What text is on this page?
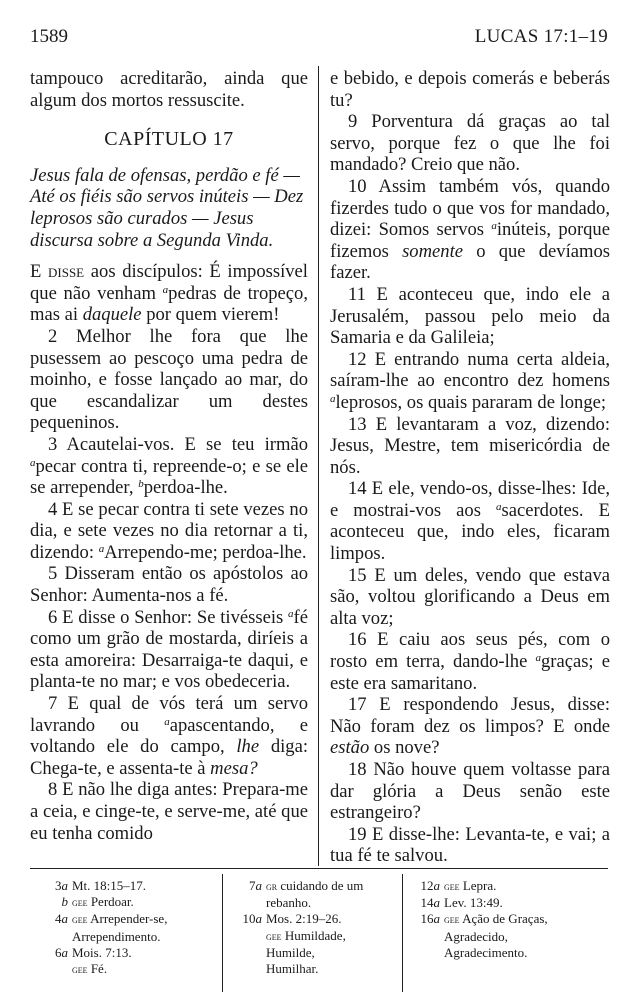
1589	LUCAS 17:1–19

tampouco acreditarão, ainda que algum dos mortos ressuscite.

CAPÍTULO 17

Jesus fala de ofensas, perdão e fé — Até os fiéis são servos inúteis — Dez leprosos são curados — Jesus discursa sobre a Segunda Vinda.

E disse aos discípulos: É impossível que não venham $^a$pedras de tropeço, mas ai daquele por quem vierem!

2 Melhor lhe fora que lhe pusessem ao pescoço uma pedra de moinho, e fosse lançado ao mar, do que escandalizar um destes pequeninos.

3 Acautelai-vos. E se teu irmão $^a$pecar contra ti, repreende-o; e se ele se arrepender, $^b$perdoa-lhe.

4 E se pecar contra ti sete vezes no dia, e sete vezes no dia retornar a ti, dizendo: $^a$Arrependo-me; perdoa-lhe.

5 Disseram então os apóstolos ao Senhor: Aumenta-nos a fé.

6 E disse o Senhor: Se tivésseis $^a$fé como um grão de mostarda, diríeis a esta amoreira: Desarraiga-te daqui, e planta-te no mar; e vos obedeceria.

7 E qual de vós terá um servo lavrando ou $^a$apascentando, e voltando ele do campo, lhe diga: Chega-te, e assenta-te à mesa?

8 E não lhe diga antes: Prepara-me a ceia, e cinge-te, e serve-me, até que eu tenha comido

e bebido, e depois comerás e beberás tu?

9 Porventura dá graças ao tal servo, porque fez o que lhe foi mandado? Creio que não.

10 Assim também vós, quando fizerdes tudo o que vos for mandado, dizei: Somos servos $^a$inúteis, porque fizemos somente o que devíamos fazer.

11 E aconteceu que, indo ele a Jerusalém, passou pelo meio da Samaria e da Galileia;

12 E entrando numa certa aldeia, saíram-lhe ao encontro dez homens $^a$leprosos, os quais pararam de longe;

13 E levantaram a voz, dizendo: Jesus, Mestre, tem misericórdia de nós.

14 E ele, vendo-os, disse-lhes: Ide, e mostrai-vos aos $^a$sacerdotes. E aconteceu que, indo eles, ficaram limpos.

15 E um deles, vendo que estava são, voltou glorificando a Deus em alta voz;

16 E caiu aos seus pés, com o rosto em terra, dando-lhe $^a$graças; e este era samaritano.

17 E respondendo Jesus, disse: Não foram dez os limpos? E onde estão os nove?

18 Não houve quem voltasse para dar glória a Deus senão este estrangeiro?

19 E disse-lhe: Levanta-te, e vai; a tua fé te salvou.

3a Mt. 18:15–17.
b gee Perdoar.
4a gee Arrepender-se,
Arrependimento.
6a Mois. 7:13.
gee Fé.
7a gr cuidando de um
rebanho.
10a Mos. 2:19–26.
gee Humildade,
Humilde,
Humilhar.
12a gee Lepra.
14a Lev. 13:49.
16a gee Ação de Graças,
Agradecido,
Agradecimento.
